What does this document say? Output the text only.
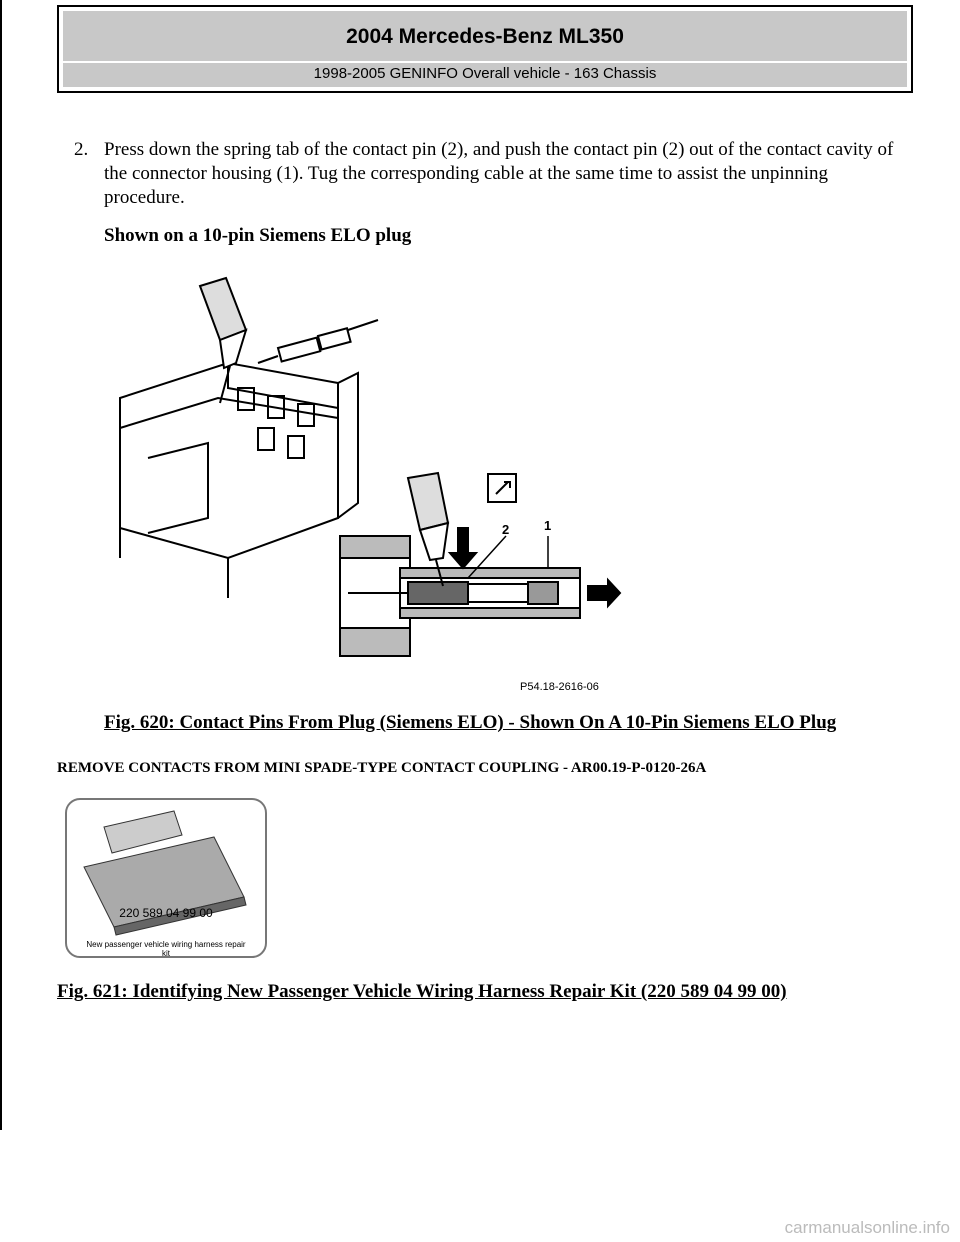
2004 Mercedes-Benz ML350
1998-2005 GENINFO Overall vehicle - 163 Chassis
2. Press down the spring tab of the contact pin (2), and push the contact pin (2) out of the contact cavity of the connector housing (1). Tug the corresponding cable at the same time to assist the unpinning procedure.
Shown on a 10-pin Siemens ELO plug
2	1
P54.18-2616-06
Fig. 620: Contact Pins From Plug (Siemens ELO) - Shown On A 10-Pin Siemens ELO Plug
REMOVE CONTACTS FROM MINI SPADE-TYPE CONTACT COUPLING - AR00.19-P-0120-26A
220 589 04 99 00
New passenger vehicle wiring harness repair
kit
Fig. 621: Identifying New Passenger Vehicle Wiring Harness Repair Kit (220 589 04 99 00)
carmanualsonline.info
